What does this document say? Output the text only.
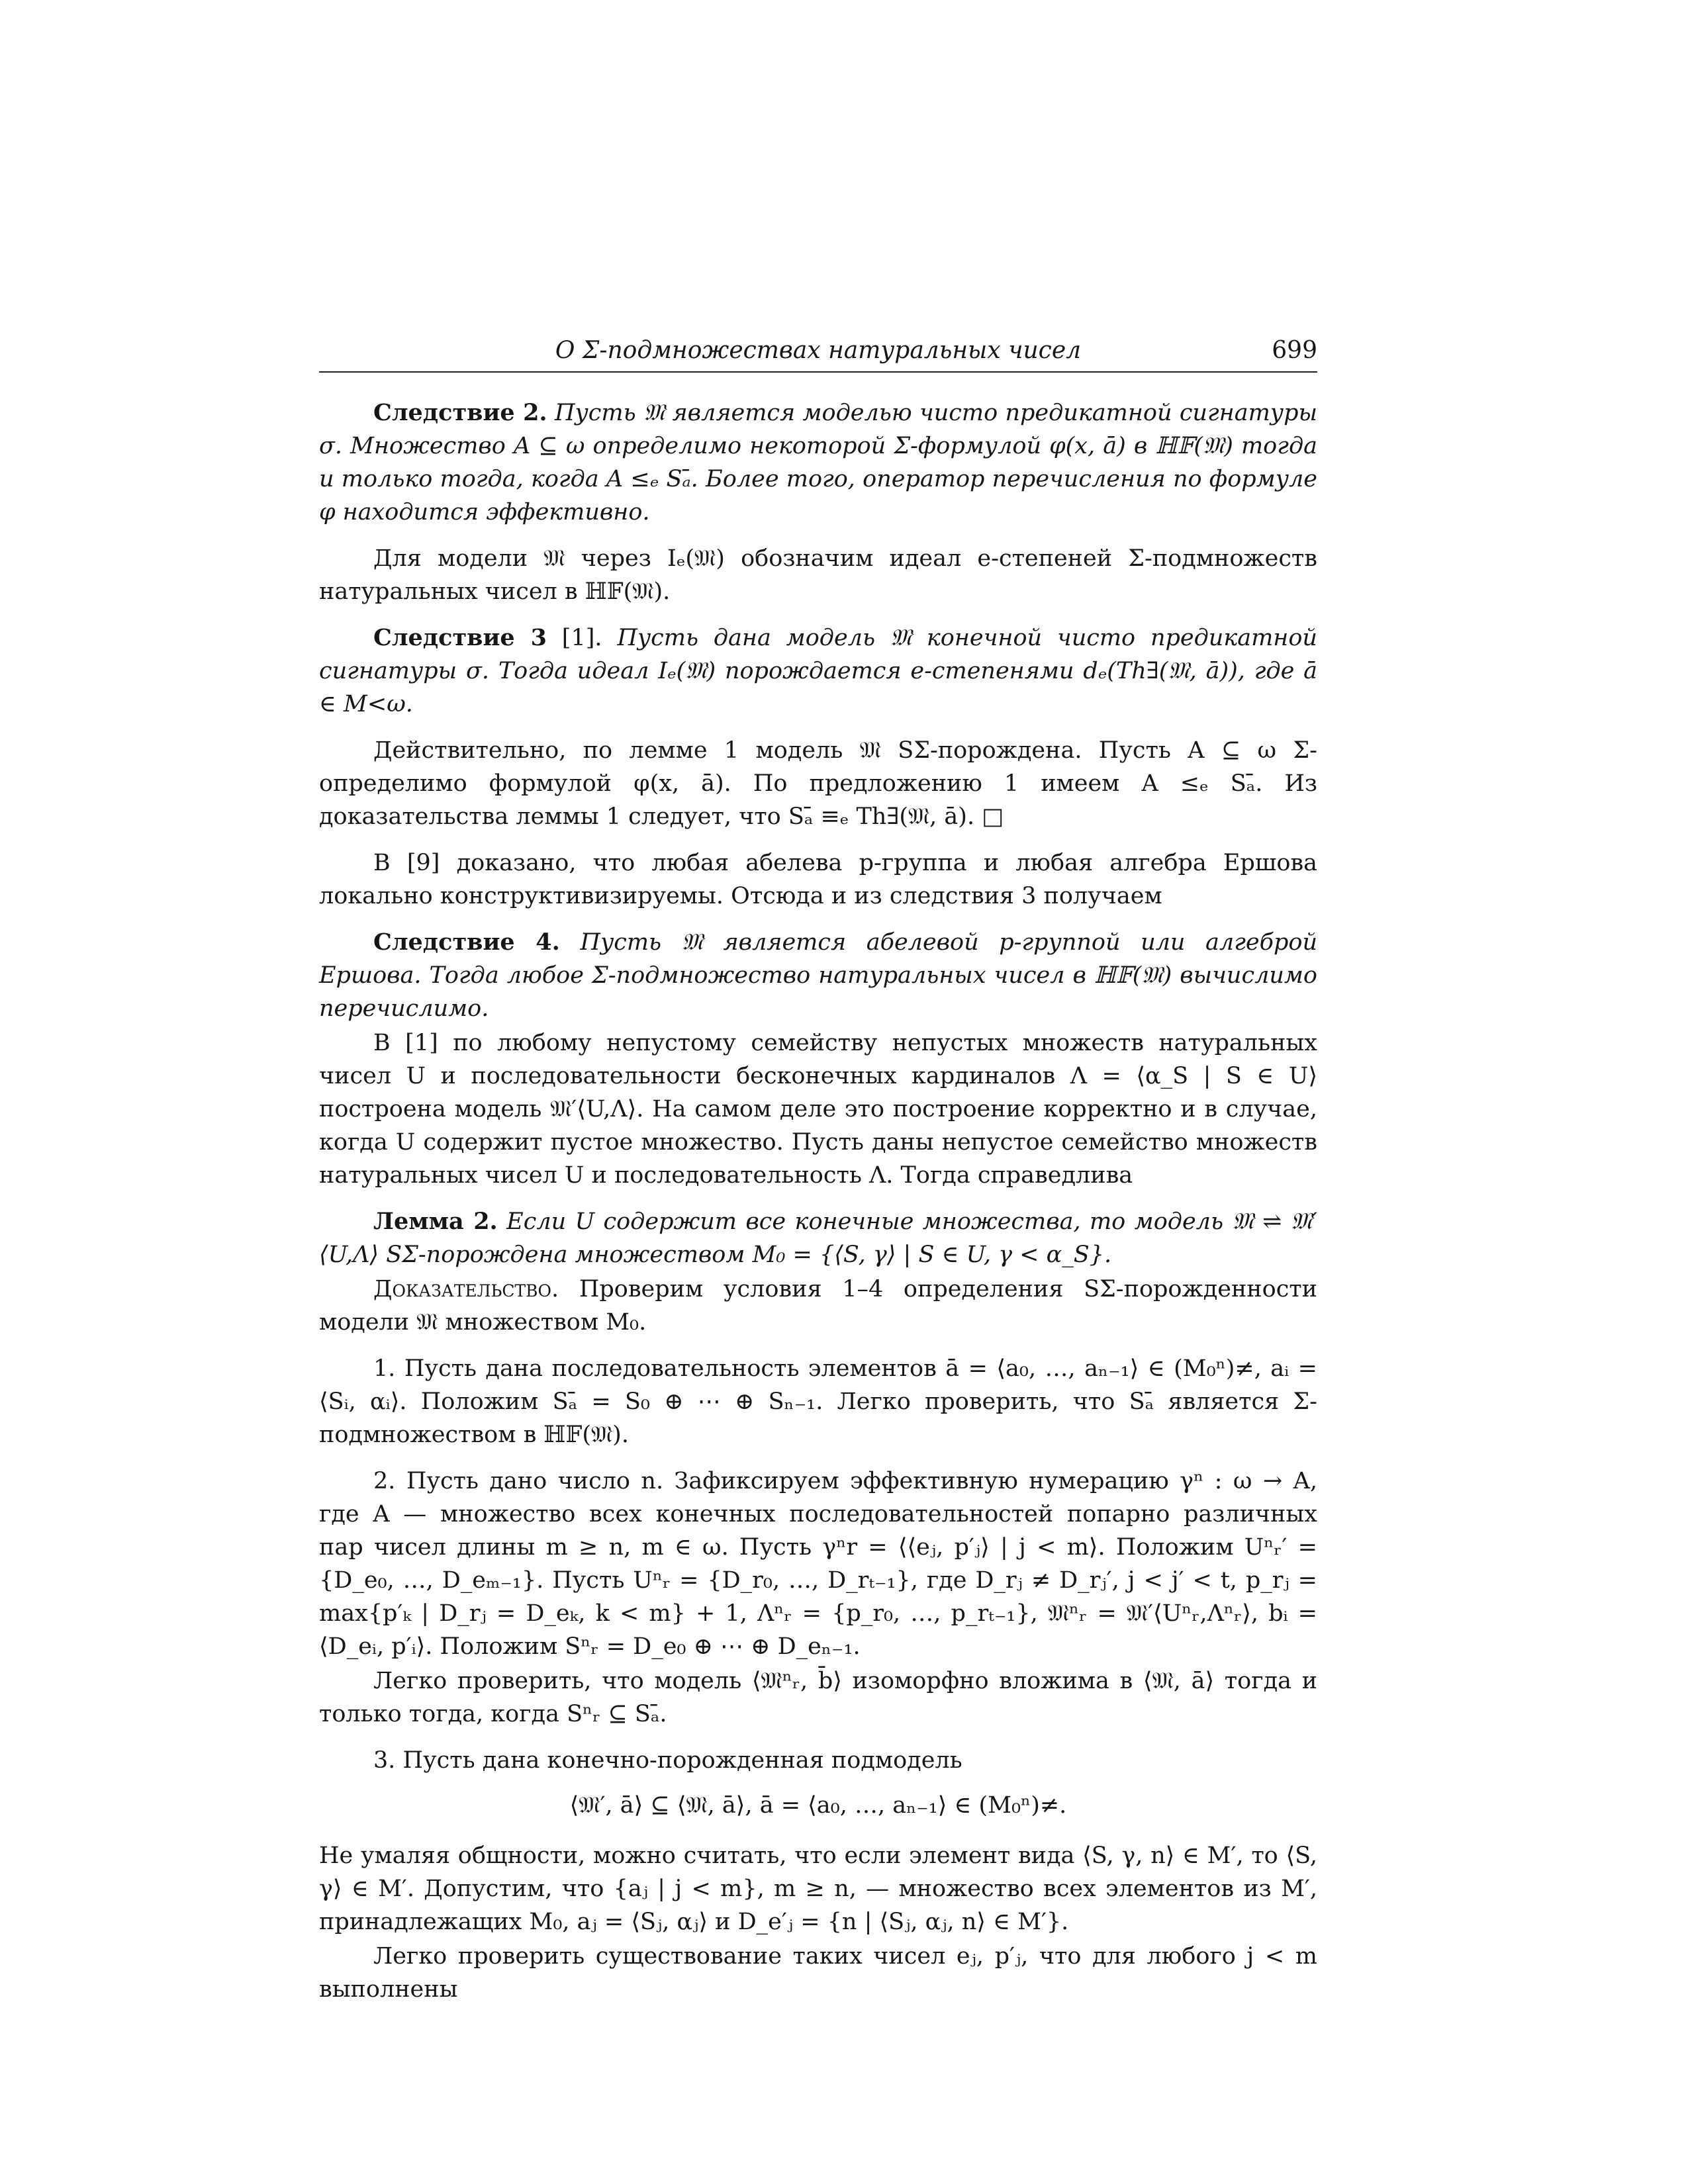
О Σ-подмножествах натуральных чисел	699

Следствие 2. Пусть 𝔐 является моделью чисто предикатной сигнатуры σ. Множество A ⊆ ω определимо некоторой Σ-формулой φ(x, ā) в ℍ𝔽(𝔐) тогда и только тогда, когда A ≤ₑ Sₐ̄. Более того, оператор перечисления по формуле φ находится эффективно.

Для модели 𝔐 через Iₑ(𝔐) обозначим идеал e-степеней Σ-подмножеств натуральных чисел в ℍ𝔽(𝔐).

Следствие 3 [1]. Пусть дана модель 𝔐 конечной чисто предикатной сигнатуры σ. Тогда идеал Iₑ(𝔐) порождается e-степенями dₑ(Th∃(𝔐, ā)), где ā ∈ M<ω.

Действительно, по лемме 1 модель 𝔐 SΣ-порождена. Пусть A ⊆ ω Σ-определимо формулой φ(x, ā). По предложению 1 имеем A ≤ₑ Sₐ̄. Из доказательства леммы 1 следует, что Sₐ̄ ≡ₑ Th∃(𝔐, ā). □

В [9] доказано, что любая абелева p-группа и любая алгебра Ершова локально конструктивизируемы. Отсюда и из следствия 3 получаем

Следствие 4. Пусть 𝔐 является абелевой p-группой или алгеброй Ершова. Тогда любое Σ-подмножество натуральных чисел в ℍ𝔽(𝔐) вычислимо перечислимо.

В [1] по любому непустому семейству непустых множеств натуральных чисел U и последовательности бесконечных кардиналов Λ = ⟨α_S | S ∈ U⟩ построена модель 𝔐′⟨U,Λ⟩. На самом деле это построение корректно и в случае, когда U содержит пустое множество. Пусть даны непустое семейство множеств натуральных чисел U и последовательность Λ. Тогда справедлива

Лемма 2. Если U содержит все конечные множества, то модель 𝔐 ⇌ 𝔐′⟨U,Λ⟩ SΣ-порождена множеством M₀ = {⟨S, γ⟩ | S ∈ U, γ < α_S}.

Доказательство. Проверим условия 1–4 определения SΣ-порожденности модели 𝔐 множеством M₀.

1. Пусть дана последовательность элементов ā = ⟨a₀, …, aₙ₋₁⟩ ∈ (M₀ⁿ)≠, aᵢ = ⟨Sᵢ, αᵢ⟩. Положим Sₐ̄ = S₀ ⊕ ⋯ ⊕ Sₙ₋₁. Легко проверить, что Sₐ̄ является Σ-подмножеством в ℍ𝔽(𝔐).

2. Пусть дано число n. Зафиксируем эффективную нумерацию γⁿ : ω → A, где A — множество всех конечных последовательностей попарно различных пар чисел длины m ≥ n, m ∈ ω. Пусть γⁿr = ⟨⟨eⱼ, p′ⱼ⟩ | j < m⟩. Положим Uⁿᵣ′ = {D_e₀, …, D_eₘ₋₁}. Пусть Uⁿᵣ = {D_r₀, …, D_rₜ₋₁}, где D_rⱼ ≠ D_rⱼ′, j < j′ < t, p_rⱼ = max{p′ₖ | D_rⱼ = D_eₖ, k < m} + 1, Λⁿᵣ = {p_r₀, …, p_rₜ₋₁}, 𝔐ⁿᵣ = 𝔐′⟨Uⁿᵣ,Λⁿᵣ⟩, bᵢ = ⟨D_eᵢ, p′ᵢ⟩. Положим Sⁿᵣ = D_e₀ ⊕ ⋯ ⊕ D_eₙ₋₁.

Легко проверить, что модель ⟨𝔐ⁿᵣ, b̄⟩ изоморфно вложима в ⟨𝔐, ā⟩ тогда и только тогда, когда Sⁿᵣ ⊆ Sₐ̄.

3. Пусть дана конечно-порожденная подмодель

⟨𝔐′, ā⟩ ⊆ ⟨𝔐, ā⟩, ā = ⟨a₀, …, aₙ₋₁⟩ ∈ (M₀ⁿ)≠.

Не умаляя общности, можно считать, что если элемент вида ⟨S, γ, n⟩ ∈ M′, то ⟨S, γ⟩ ∈ M′. Допустим, что {aⱼ | j < m}, m ≥ n, — множество всех элементов из M′, принадлежащих M₀, aⱼ = ⟨Sⱼ, αⱼ⟩ и D_e′ⱼ = {n | ⟨Sⱼ, αⱼ, n⟩ ∈ M′}.

Легко проверить существование таких чисел eⱼ, p′ⱼ, что для любого j < m выполнены
